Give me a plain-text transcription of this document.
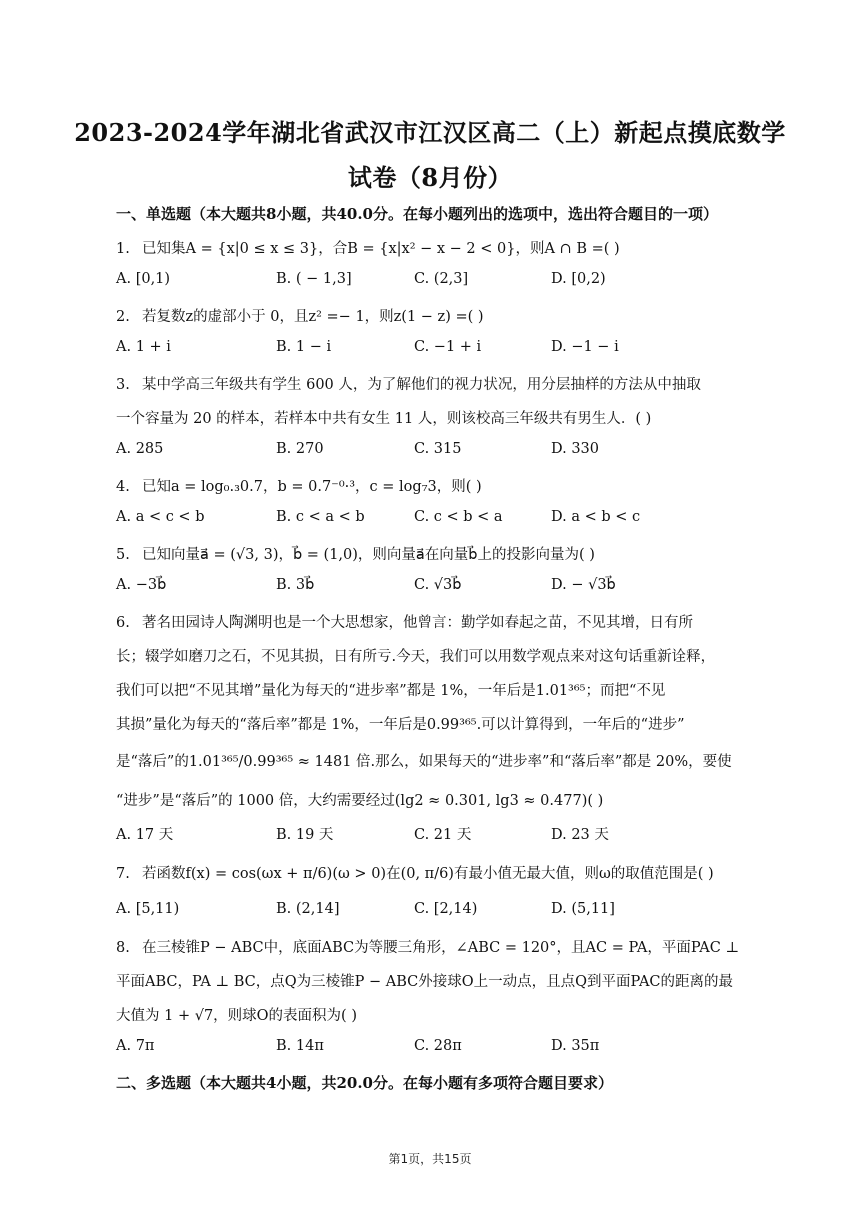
2023-2024学年湖北省武汉市江汉区高二（上）新起点摸底数学
试卷（8月份）
一、单选题（本大题共8小题，共40.0分。在每小题列出的选项中，选出符合题目的一项）
1. 已知集A = {x|0 ≤ x ≤ 3}，合B = {x|x² − x − 2 < 0}，则A ∩ B =( )
A. [0,1)	B. ( − 1,3]	C. (2,3]	D. [0,2)
2. 若复数z的虚部小于 0，且z² =− 1，则z(1 − z) =( )
A. 1 + i	B. 1 − i	C. −1 + i	D. −1 − i
3. 某中学高三年级共有学生 600 人，为了解他们的视力状况，用分层抽样的方法从中抽取
一个容量为 20 的样本，若样本中共有女生 11 人，则该校高三年级共有男生人．( )
A. 285	B. 270	C. 315	D. 330
4. 已知a = log₀.₃0.7，b = 0.7⁻⁰·³，c = log₇3，则( )
A. a < c < b	B. c < a < b	C. c < b < a	D. a < b < c
5. 已知向量a⃗ = (√3, 3)，b⃗ = (1,0)，则向量a⃗在向量b⃗上的投影向量为( )
A. −3b⃗	B. 3b⃗	C. √3b⃗	D. − √3b⃗
6. 著名田园诗人陶渊明也是一个大思想家，他曾言：勤学如春起之苗，不见其增，日有所
长；辍学如磨刀之石，不见其损，日有所亏.今天，我们可以用数学观点来对这句话重新诠释，
我们可以把“不见其增”量化为每天的“进步率”都是 1%，一年后是1.01³⁶⁵；而把“不见
其损”量化为每天的“落后率”都是 1%，一年后是0.99³⁶⁵.可以计算得到，一年后的“进步”
是“落后”的1.01³⁶⁵/0.99³⁶⁵ ≈ 1481 倍.那么，如果每天的“进步率”和“落后率”都是 20%，要使
“进步”是“落后”的 1000 倍，大约需要经过(lg2 ≈ 0.301, lg3 ≈ 0.477)( )
A. 17 天	B. 19 天	C. 21 天	D. 23 天
7. 若函数f(x) = cos(ωx + π/6)(ω > 0)在(0, π/6)有最小值无最大值，则ω的取值范围是( )
A. [5,11)	B. (2,14]	C. [2,14)	D. (5,11]
8. 在三棱锥P − ABC中，底面ABC为等腰三角形，∠ABC = 120°，且AC = PA，平面PAC ⊥
平面ABC，PA ⊥ BC，点Q为三棱锥P − ABC外接球O上一动点，且点Q到平面PAC的距离的最
大值为 1 + √7，则球O的表面积为( )
A. 7π	B. 14π	C. 28π	D. 35π
二、多选题（本大题共4小题，共20.0分。在每小题有多项符合题目要求）
第1页，共15页
